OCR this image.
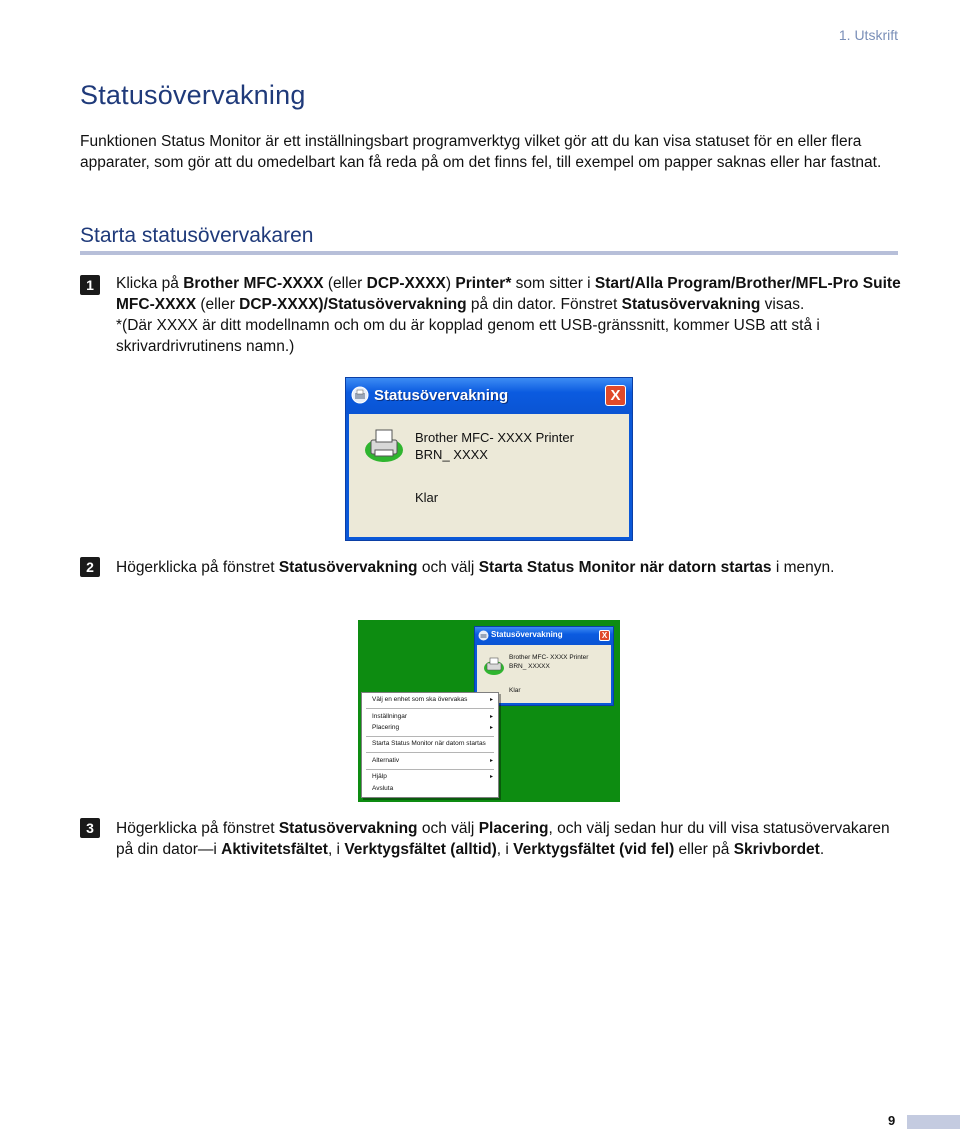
1. Utskrift
Statusövervakning

Funktionen Status Monitor är ett inställningsbart programverktyg vilket gör att du kan visa statuset för en eller flera apparater, som gör att du omedelbart kan få reda på om det finns fel, till exempel om papper saknas eller har fastnat.

Starta statusövervakaren
1	Klicka på Brother MFC-XXXX (eller DCP-XXXX) Printer* som sitter i Start/Alla Program/Brother/MFL-Pro Suite MFC-XXXX (eller DCP-XXXX)/Statusövervakning på din dator. Fönstret Statusövervakning visas.
*(Där XXXX är ditt modellnamn och om du är kopplad genom ett USB-gränssnitt, kommer USB att stå i skrivardrivrutinens namn.)

Statusövervakning	X
Brother MFC- XXXX Printer
BRN_ XXXX
Klar
2	Högerklicka på fönstret Statusövervakning och välj Starta Status Monitor när datorn startas i menyn.

Statusövervakning	X
Brother MFC- XXXX Printer
BRN_ XXXXX
Klar
Välj en enhet som ska övervakas	▸
Inställningar	▸
Placering	▸
Starta Status Monitor när datorn startas
Alternativ	▸
Hjälp	▸
Avsluta
3	Högerklicka på fönstret Statusövervakning och välj Placering, och välj sedan hur du vill visa statusövervakaren på din dator—i Aktivitetsfältet, i Verktygsfältet (alltid), i Verktygsfältet (vid fel) eller på Skrivbordet.

9
